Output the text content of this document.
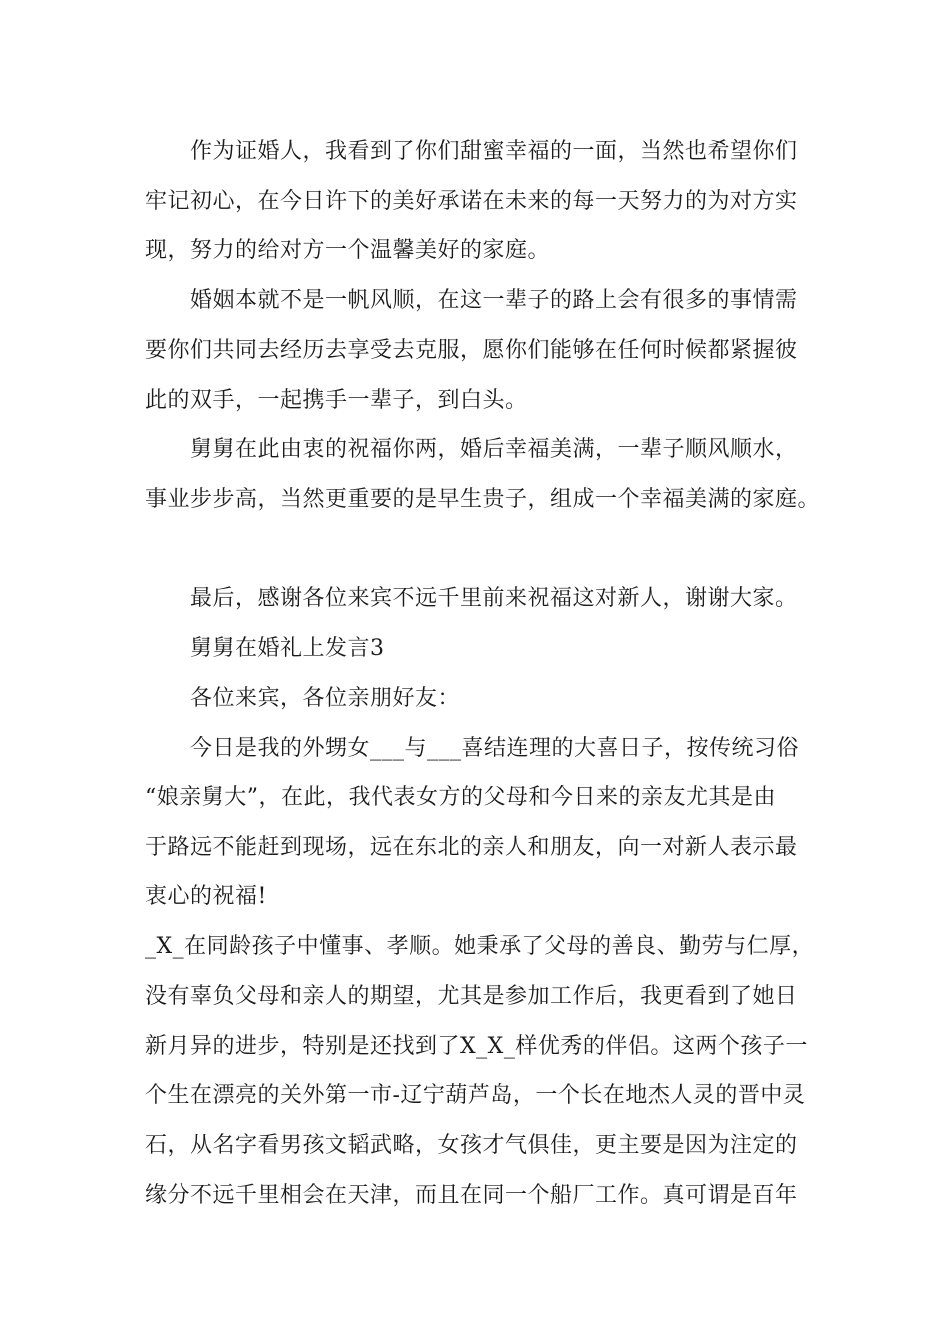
作为证婚人，我看到了你们甜蜜幸福的一面，当然也希望你们
牢记初心，在今日许下的美好承诺在未来的每一天努力的为对方实
现，努力的给对方一个温馨美好的家庭。
婚姻本就不是一帆风顺，在这一辈子的路上会有很多的事情需
要你们共同去经历去享受去克服，愿你们能够在任何时候都紧握彼
此的双手，一起携手一辈子，到白头。
舅舅在此由衷的祝福你两，婚后幸福美满，一辈子顺风顺水，
事业步步高，当然更重要的是早生贵子，组成一个幸福美满的家庭。
最后，感谢各位来宾不远千里前来祝福这对新人，谢谢大家。
舅舅在婚礼上发言3
各位来宾，各位亲朋好友：
今日是我的外甥女___与___喜结连理的大喜日子，按传统习俗
“娘亲舅大”，在此，我代表女方的父母和今日来的亲友尤其是由
于路远不能赶到现场，远在东北的亲人和朋友，向一对新人表示最
衷心的祝福!
_X_在同龄孩子中懂事、孝顺。她秉承了父母的善良、勤劳与仁厚，
没有辜负父母和亲人的期望，尤其是参加工作后，我更看到了她日
新月异的进步，特别是还找到了X_X_样优秀的伴侣。这两个孩子一
个生在漂亮的关外第一市-辽宁葫芦岛，一个长在地杰人灵的晋中灵
石，从名字看男孩文韬武略，女孩才气俱佳，更主要是因为注定的
缘分不远千里相会在天津，而且在同一个船厂工作。真可谓是百年
